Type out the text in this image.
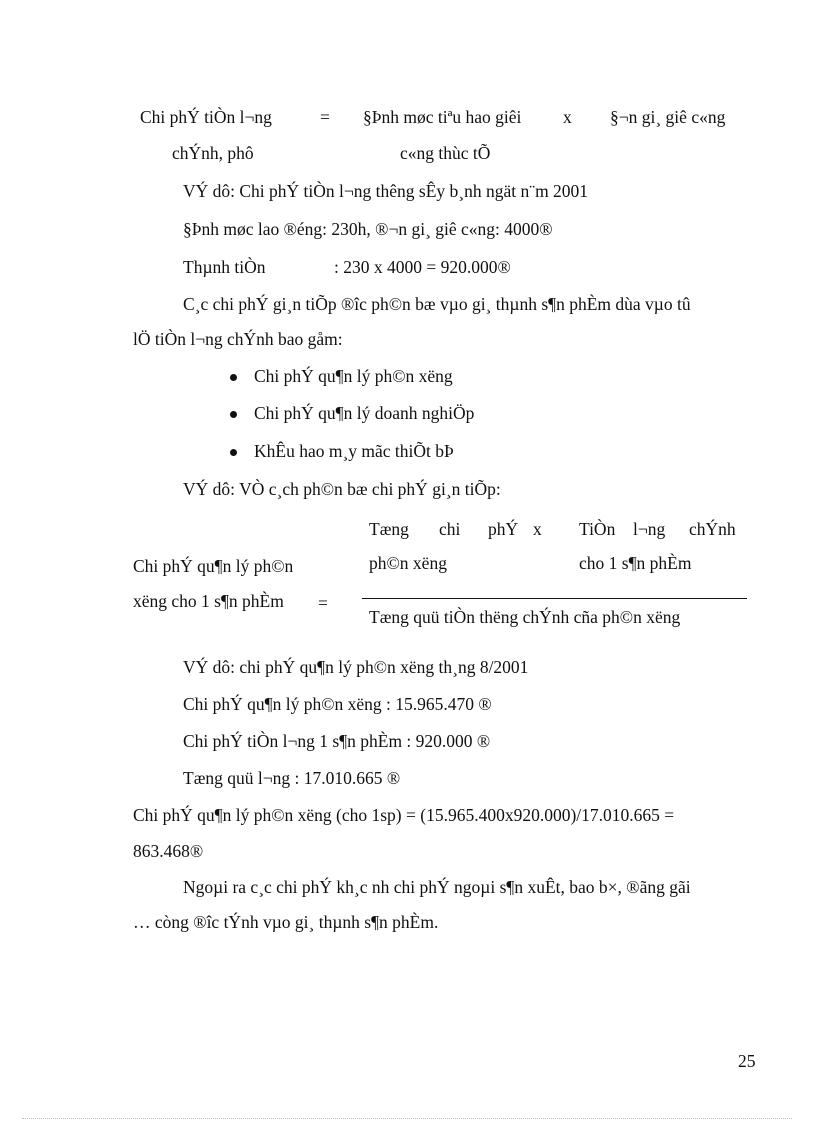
Chi phÝ tiÒn l¬ng	= §Þnh møc tiªu hao giêi x §¬n gi¸ giê c«ng
chÝnh, phô	c«ng thùc tÕ
VÝ dô: Chi phÝ tiÒn l¬ng thêng sÊy b¸nh ngät n¨m 2001
§Þnh møc lao ®éng: 230h, ®¬n gi¸ giê c«ng: 4000®
Thµnh tiÒn	: 230 x 4000 = 920.000®
C¸c chi phÝ gi¸n tiÕp ®îc ph©n bæ vµo gi¸ thµnh s¶n phÈm dùa vµo tû
lÖ tiÒn l¬ng chÝnh bao gåm:
Chi phÝ qu¶n lý ph©n xëng
Chi phÝ qu¶n lý doanh nghiÖp
KhÊu hao m¸y mãc thiÕt bÞ
VÝ dô: VÒ c¸ch ph©n bæ chi phÝ gi¸n tiÕp:
Tæng chi phÝ x TiÒn l¬ng chÝnh
Chi phÝ qu¶n lý ph©n	ph©n xëng	cho 1 s¶n phÈm
xëng cho 1 s¶n phÈm =
Tæng quü tiÒn thëng chÝnh cña ph©n xëng
VÝ dô: chi phÝ qu¶n lý ph©n xëng th¸ng 8/2001
Chi phÝ qu¶n lý ph©n xëng : 15.965.470 ®
Chi phÝ tiÒn l¬ng 1 s¶n phÈm : 920.000 ®
Tæng quü l¬ng : 17.010.665 ®
Chi phÝ qu¶n lý ph©n xëng (cho 1sp) = (15.965.400x920.000)/17.010.665 =
863.468®
Ngoµi ra c¸c chi phÝ kh¸c nh chi phÝ ngoµi s¶n xuÊt, bao b×, ®ãng gãi
… còng ®îc tÝnh vµo gi¸ thµnh s¶n phÈm.
25
